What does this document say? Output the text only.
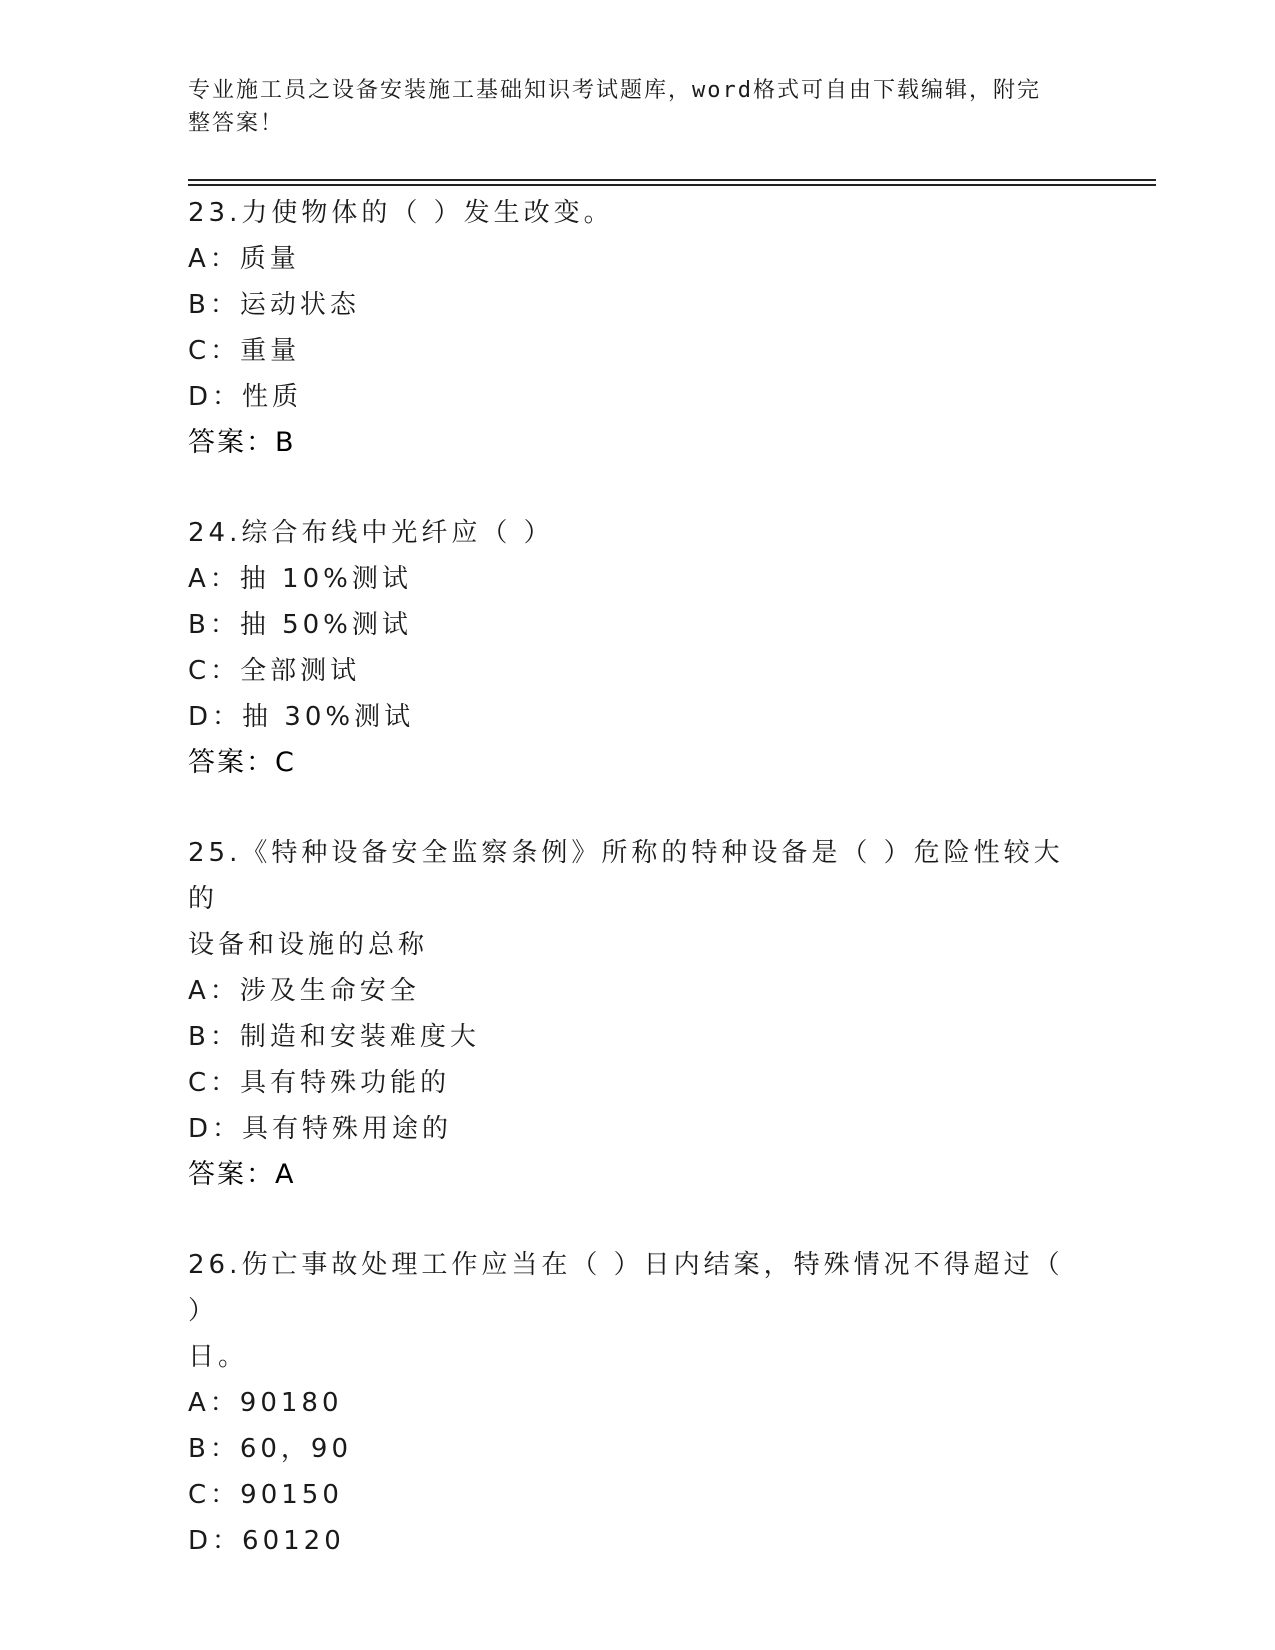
专业施工员之设备安装施工基础知识考试题库，word格式可自由下载编辑，附完
整答案！
23.力使物体的（ ）发生改变。
A：质量
B：运动状态
C：重量
D：性质
答案：B
24.综合布线中光纤应（ ）
A：抽 10%测试
B：抽 50%测试
C：全部测试
D：抽 30%测试
答案：C
25.《特种设备安全监察条例》所称的特种设备是（ ）危险性较大的
设备和设施的总称
A：涉及生命安全
B：制造和安装难度大
C：具有特殊功能的
D：具有特殊用途的
答案：A
26.伤亡事故处理工作应当在（ ）日内结案，特殊情况不得超过（ ）
日。
A：90180
B：60，90
C：90150
D：60120
